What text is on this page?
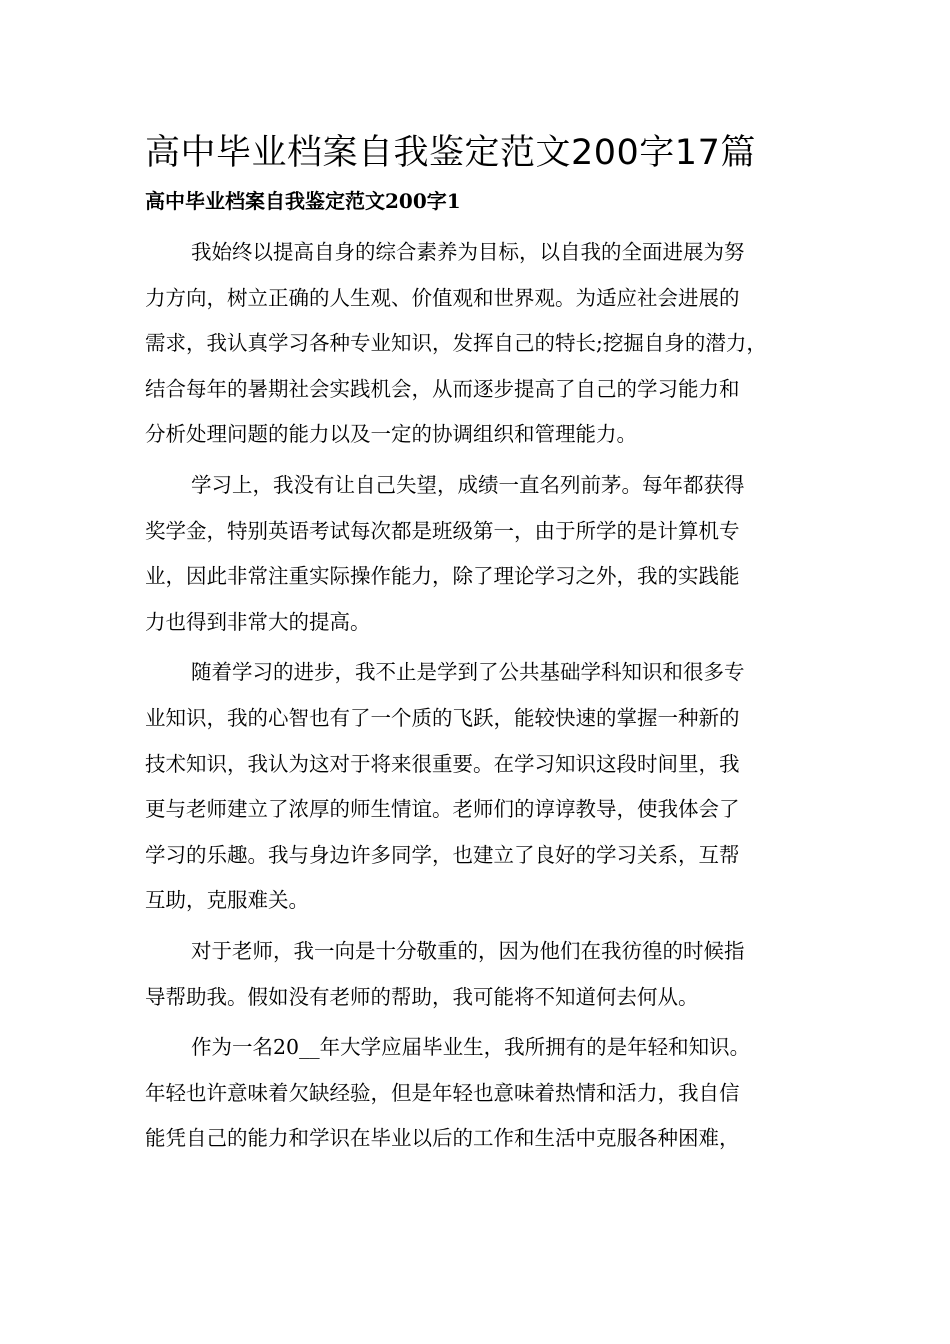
高中毕业档案自我鉴定范文200字17篇
高中毕业档案自我鉴定范文200字1

我始终以提高自身的综合素养为目标，以自我的全面进展为努
力方向，树立正确的人生观、价值观和世界观。为适应社会进展的
需求，我认真学习各种专业知识，发挥自己的特长;挖掘自身的潜力，
结合每年的暑期社会实践机会，从而逐步提高了自己的学习能力和
分析处理问题的能力以及一定的协调组织和管理能力。

学习上，我没有让自己失望，成绩一直名列前茅。每年都获得
奖学金，特别英语考试每次都是班级第一，由于所学的是计算机专
业，因此非常注重实际操作能力，除了理论学习之外，我的实践能
力也得到非常大的提高。

随着学习的进步，我不止是学到了公共基础学科知识和很多专
业知识，我的心智也有了一个质的飞跃，能较快速的掌握一种新的
技术知识，我认为这对于将来很重要。在学习知识这段时间里，我
更与老师建立了浓厚的师生情谊。老师们的谆谆教导，使我体会了
学习的乐趣。我与身边许多同学，也建立了良好的学习关系，互帮
互助，克服难关。

对于老师，我一向是十分敬重的，因为他们在我彷徨的时候指
导帮助我。假如没有老师的帮助，我可能将不知道何去何从。

作为一名20__年大学应届毕业生，我所拥有的是年轻和知识。
年轻也许意味着欠缺经验，但是年轻也意味着热情和活力，我自信
能凭自己的能力和学识在毕业以后的工作和生活中克服各种困难，
